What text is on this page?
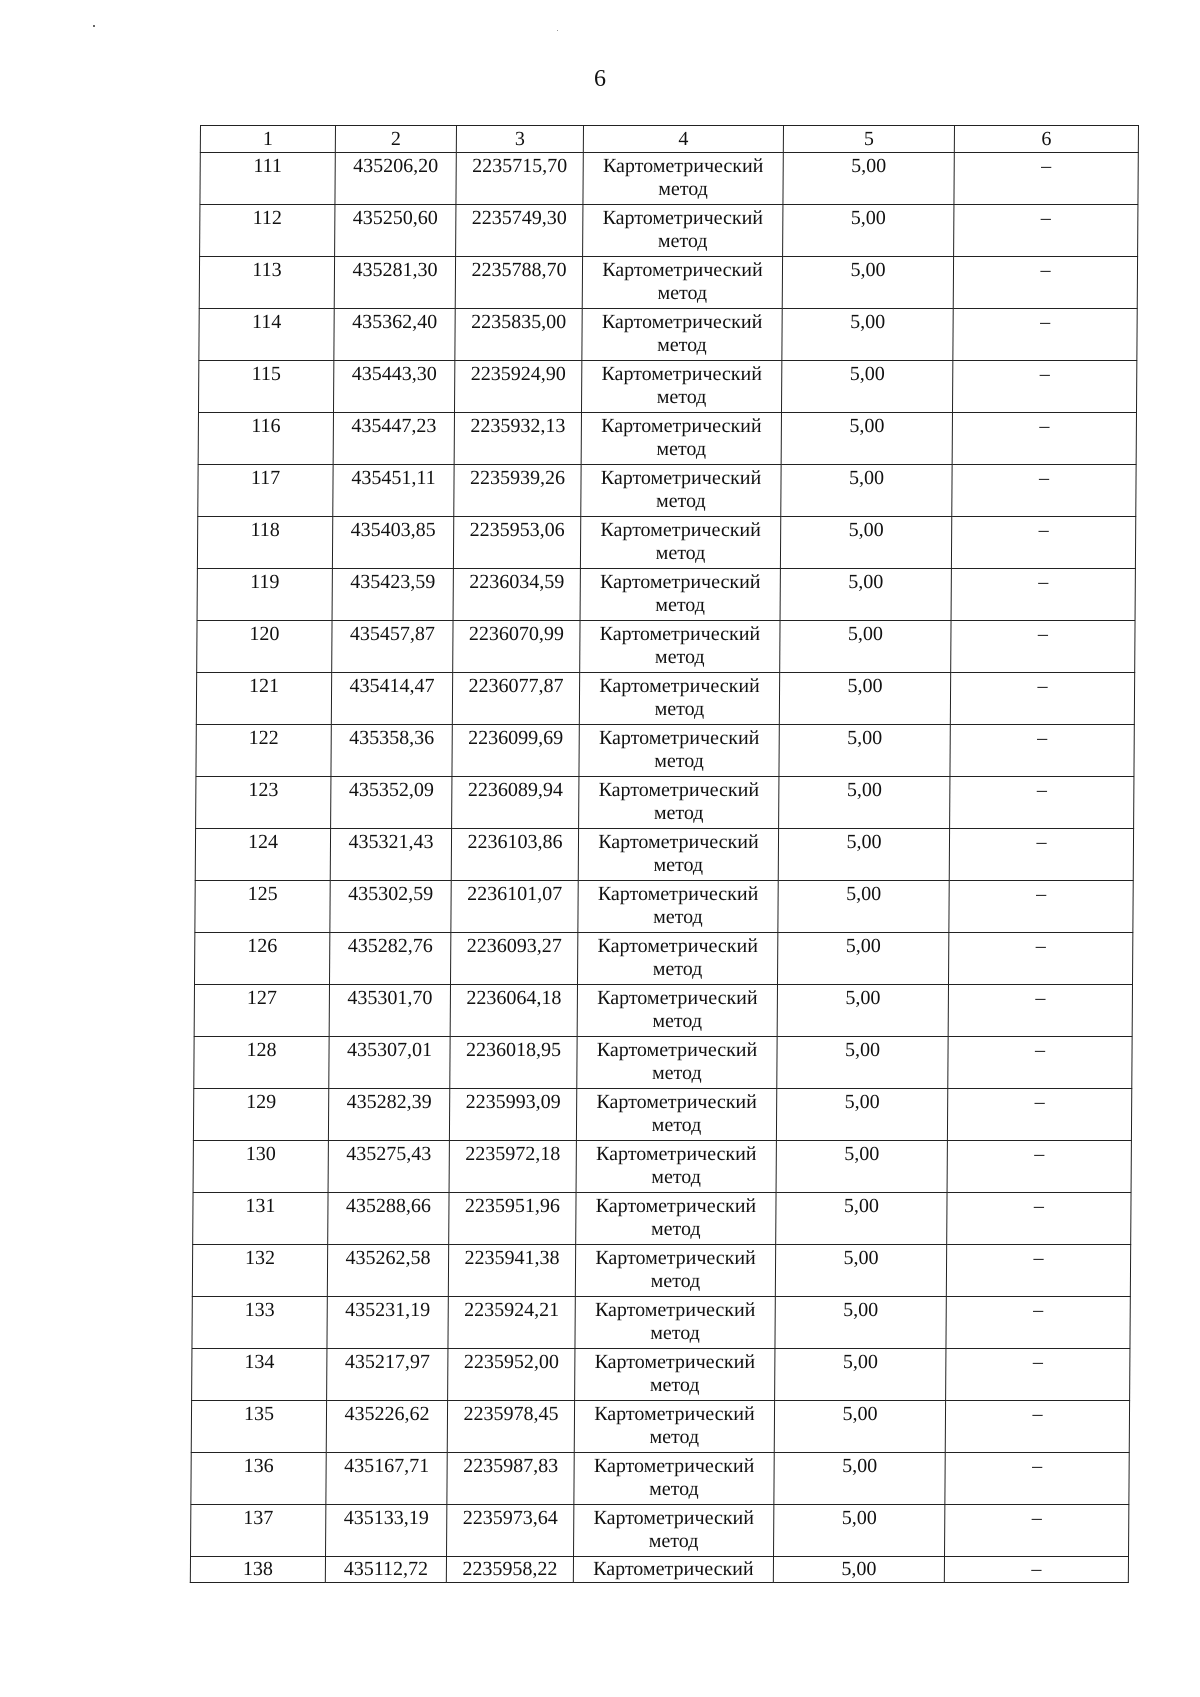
6
1	2	3	4	5	6
111	435206,20	2235715,70	Картометрический метод	5,00	–
112	435250,60	2235749,30	Картометрический метод	5,00	–
113	435281,30	2235788,70	Картометрический метод	5,00	–
114	435362,40	2235835,00	Картометрический метод	5,00	–
115	435443,30	2235924,90	Картометрический метод	5,00	–
116	435447,23	2235932,13	Картометрический метод	5,00	–
117	435451,11	2235939,26	Картометрический метод	5,00	–
118	435403,85	2235953,06	Картометрический метод	5,00	–
119	435423,59	2236034,59	Картометрический метод	5,00	–
120	435457,87	2236070,99	Картометрический метод	5,00	–
121	435414,47	2236077,87	Картометрический метод	5,00	–
122	435358,36	2236099,69	Картометрический метод	5,00	–
123	435352,09	2236089,94	Картометрический метод	5,00	–
124	435321,43	2236103,86	Картометрический метод	5,00	–
125	435302,59	2236101,07	Картометрический метод	5,00	–
126	435282,76	2236093,27	Картометрический метод	5,00	–
127	435301,70	2236064,18	Картометрический метод	5,00	–
128	435307,01	2236018,95	Картометрический метод	5,00	–
129	435282,39	2235993,09	Картометрический метод	5,00	–
130	435275,43	2235972,18	Картометрический метод	5,00	–
131	435288,66	2235951,96	Картометрический метод	5,00	–
132	435262,58	2235941,38	Картометрический метод	5,00	–
133	435231,19	2235924,21	Картометрический метод	5,00	–
134	435217,97	2235952,00	Картометрический метод	5,00	–
135	435226,62	2235978,45	Картометрический метод	5,00	–
136	435167,71	2235987,83	Картометрический метод	5,00	–
137	435133,19	2235973,64	Картометрический метод	5,00	–
138	435112,72	2235958,22	Картометрический	5,00	–
